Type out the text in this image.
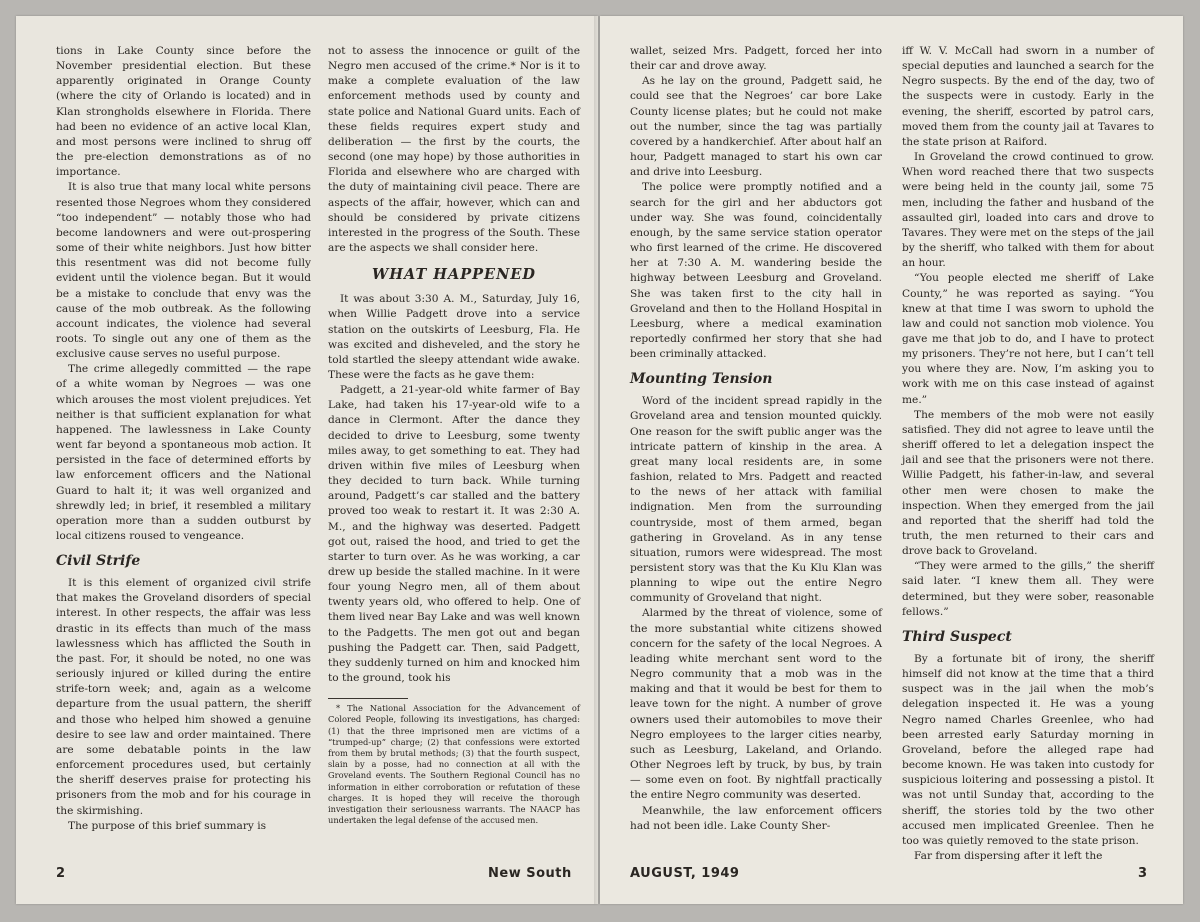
tions in Lake County since before the November presidential election. But these apparently originated in Orange County (where the city of Orlando is located) and in Klan strongholds elsewhere in Florida. There had been no evidence of an active local Klan, and most persons were inclined to shrug off the pre-election demonstrations as of no importance.

It is also true that many local white persons resented those Negroes whom they considered “too independent” — notably those who had become landowners and were out-prospering some of their white neighbors. Just how bitter this resentment was did not become fully evident until the violence began. But it would be a mistake to conclude that envy was the cause of the mob outbreak. As the following account indicates, the violence had several roots. To single out any one of them as the exclusive cause serves no useful purpose.

The crime allegedly committed — the rape of a white woman by Negroes — was one which arouses the most violent prejudices. Yet neither is that sufficient explanation for what happened. The lawlessness in Lake County went far beyond a spontaneous mob action. It persisted in the face of determined efforts by law enforcement officers and the National Guard to halt it; it was well organized and shrewdly led; in brief, it resembled a military operation more than a sudden outburst by local citizens roused to vengeance.

Civil Strife

It is this element of organized civil strife that makes the Groveland disorders of special interest. In other respects, the affair was less drastic in its effects than much of the mass lawlessness which has afflicted the South in the past. For, it should be noted, no one was seriously injured or killed during the entire strife-torn week; and, again as a welcome departure from the usual pattern, the sheriff and those who helped him showed a genuine desire to see law and order maintained. There are some debatable points in the law enforcement procedures used, but certainly the sheriff deserves praise for protecting his prisoners from the mob and for his courage in the skirmishing.

The purpose of this brief summary is

not to assess the innocence or guilt of the Negro men accused of the crime.* Nor is it to make a complete evaluation of the law enforcement methods used by county and state police and National Guard units. Each of these fields requires expert study and deliberation — the first by the courts, the second (one may hope) by those authorities in Florida and elsewhere who are charged with the duty of maintaining civil peace. There are aspects of the affair, however, which can and should be considered by private citizens interested in the progress of the South. These are the aspects we shall consider here.

WHAT HAPPENED

It was about 3:30 A. M., Saturday, July 16, when Willie Padgett drove into a service station on the outskirts of Leesburg, Fla. He was excited and disheveled, and the story he told startled the sleepy attendant wide awake. These were the facts as he gave them:

Padgett, a 21-year-old white farmer of Bay Lake, had taken his 17-year-old wife to a dance in Clermont. After the dance they decided to drive to Leesburg, some twenty miles away, to get something to eat. They had driven within five miles of Leesburg when they decided to turn back. While turning around, Padgett’s car stalled and the battery proved too weak to restart it. It was 2:30 A. M., and the highway was deserted. Padgett got out, raised the hood, and tried to get the starter to turn over. As he was working, a car drew up beside the stalled machine. In it were four young Negro men, all of them about twenty years old, who offered to help. One of them lived near Bay Lake and was well known to the Padgetts. The men got out and began pushing the Padgett car. Then, said Padgett, they suddenly turned on him and knocked him to the ground, took his

* The National Association for the Advancement of Colored People, following its investigations, has charged: (1) that the three imprisoned men are victims of a “trumped-up” charge; (2) that confessions were extorted from them by brutal methods; (3) that the fourth suspect, slain by a posse, had no connection at all with the Groveland events. The Southern Regional Council has no information in either corroboration or refutation of these charges. It is hoped they will receive the thorough investigation their seriousness warrants. The NAACP has undertaken the legal defense of the accused men.

2	New South

wallet, seized Mrs. Padgett, forced her into their car and drove away.

As he lay on the ground, Padgett said, he could see that the Negroes’ car bore Lake County license plates; but he could not make out the number, since the tag was partially covered by a handkerchief. After about half an hour, Padgett managed to start his own car and drive into Leesburg.

The police were promptly notified and a search for the girl and her abductors got under way. She was found, coincidentally enough, by the same service station operator who first learned of the crime. He discovered her at 7:30 A. M. wandering beside the highway between Leesburg and Groveland. She was taken first to the city hall in Groveland and then to the Holland Hospital in Leesburg, where a medical examination reportedly confirmed her story that she had been criminally attacked.

Mounting Tension

Word of the incident spread rapidly in the Groveland area and tension mounted quickly. One reason for the swift public anger was the intricate pattern of kinship in the area. A great many local residents are, in some fashion, related to Mrs. Padgett and reacted to the news of her attack with familial indignation. Men from the surrounding countryside, most of them armed, began gathering in Groveland. As in any tense situation, rumors were widespread. The most persistent story was that the Ku Klu Klan was planning to wipe out the entire Negro community of Groveland that night.

Alarmed by the threat of violence, some of the more substantial white citizens showed concern for the safety of the local Negroes. A leading white merchant sent word to the Negro community that a mob was in the making and that it would be best for them to leave town for the night. A number of grove owners used their automobiles to move their Negro employees to the larger cities nearby, such as Leesburg, Lakeland, and Orlando. Other Negroes left by truck, by bus, by train — some even on foot. By nightfall practically the entire Negro community was deserted.

Meanwhile, the law enforcement officers had not been idle. Lake County Sher-

iff W. V. McCall had sworn in a number of special deputies and launched a search for the Negro suspects. By the end of the day, two of the suspects were in custody. Early in the evening, the sheriff, escorted by patrol cars, moved them from the county jail at Tavares to the state prison at Raiford.

In Groveland the crowd continued to grow. When word reached there that two suspects were being held in the county jail, some 75 men, including the father and husband of the assaulted girl, loaded into cars and drove to Tavares. They were met on the steps of the jail by the sheriff, who talked with them for about an hour.

“You people elected me sheriff of Lake County,” he was reported as saying. “You knew at that time I was sworn to uphold the law and could not sanction mob violence. You gave me that job to do, and I have to protect my prisoners. They’re not here, but I can’t tell you where they are. Now, I’m asking you to work with me on this case instead of against me.”

The members of the mob were not easily satisfied. They did not agree to leave until the sheriff offered to let a delegation inspect the jail and see that the prisoners were not there. Willie Padgett, his father-in-law, and several other men were chosen to make the inspection. When they emerged from the jail and reported that the sheriff had told the truth, the men returned to their cars and drove back to Groveland.

“They were armed to the gills,” the sheriff said later. “I knew them all. They were determined, but they were sober, reasonable fellows.”

Third Suspect

By a fortunate bit of irony, the sheriff himself did not know at the time that a third suspect was in the jail when the mob’s delegation inspected it. He was a young Negro named Charles Greenlee, who had been arrested early Saturday morning in Groveland, before the alleged rape had become known. He was taken into custody for suspicious loitering and possessing a pistol. It was not until Sunday that, according to the sheriff, the stories told by the two other accused men implicated Greenlee. Then he too was quietly removed to the state prison.

Far from dispersing after it left the

AUGUST, 1949	3
